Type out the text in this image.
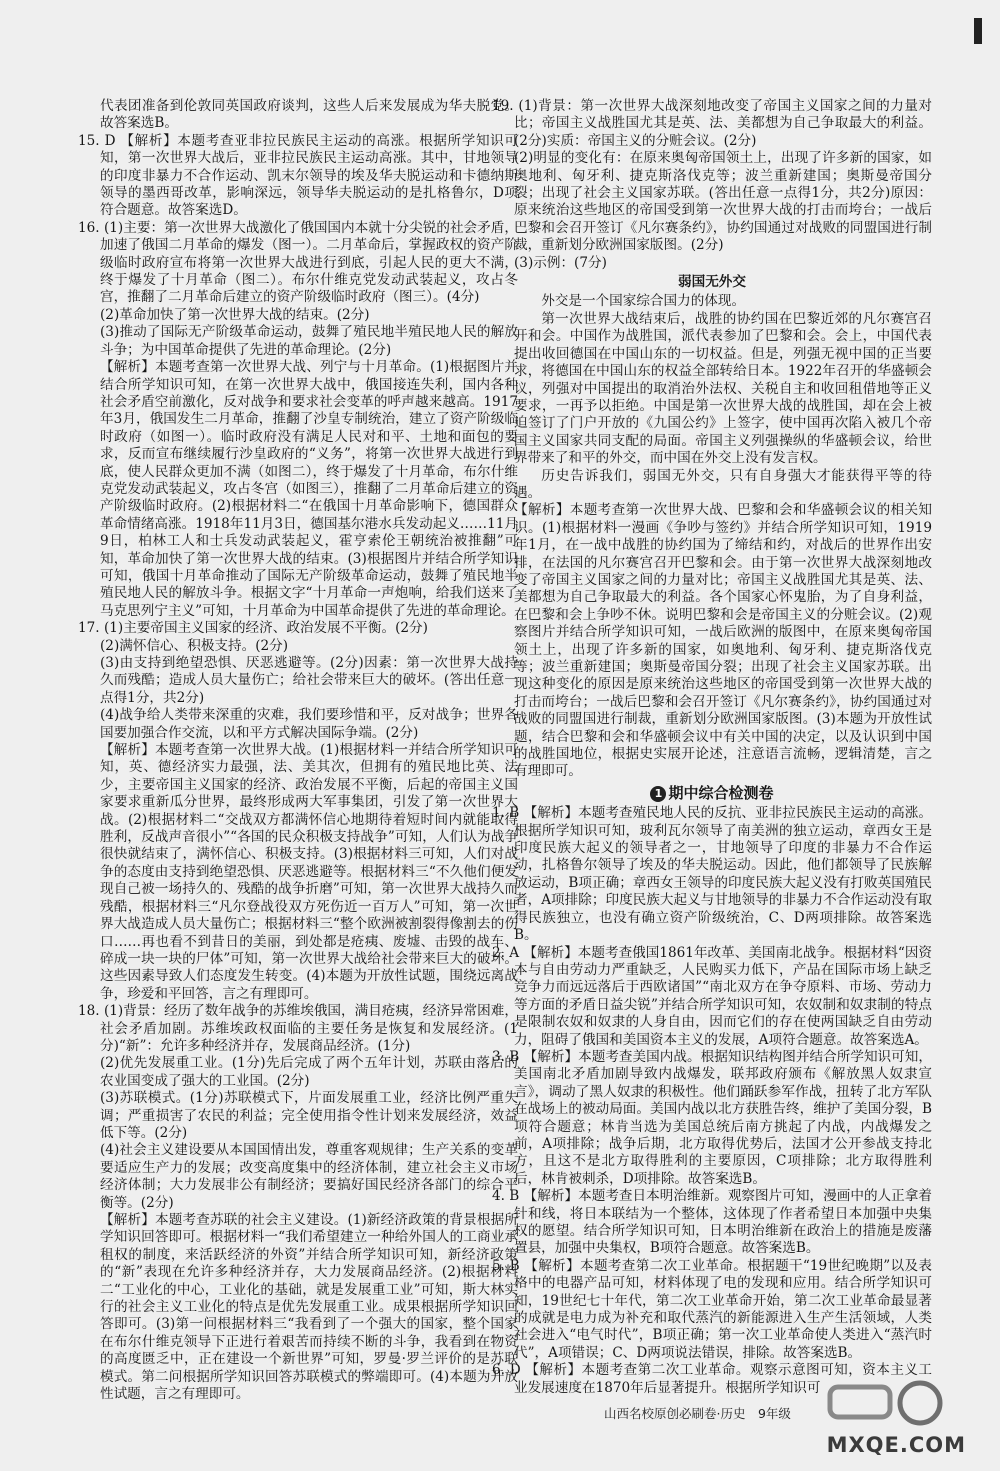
代表团准备到伦敦同英国政府谈判，这些人后来发展成为华夫脱党。故答案选B。

15. D 【解析】本题考查亚非拉民族民主运动的高涨。根据所学知识可知，第一次世界大战后，亚非拉民族民主运动高涨。其中，甘地领导的印度非暴力不合作运动、凯末尔领导的埃及华夫脱运动和卡德纳斯领导的墨西哥改革，影响深远，领导华夫脱运动的是扎格鲁尔，D项符合题意。故答案选D。

16. (1)主要：第一次世界大战激化了俄国国内本就十分尖锐的社会矛盾，加速了俄国二月革命的爆发（图一）。二月革命后，掌握政权的资产阶级临时政府宣布将第一次世界大战进行到底，引起人民的更大不满，终于爆发了十月革命（图二）。布尔什维克党发动武装起义，攻占冬宫，推翻了二月革命后建立的资产阶级临时政府（图三）。(4分)

(2)革命加快了第一次世界大战的结束。(2分)

(3)推动了国际无产阶级革命运动，鼓舞了殖民地半殖民地人民的解放斗争；为中国革命提供了先进的革命理论。(2分)

【解析】本题考查第一次世界大战、列宁与十月革命。(1)根据图片并结合所学知识可知，在第一次世界大战中，俄国接连失利，国内各种社会矛盾空前激化，反对战争和要求社会变革的呼声越来越高。1917年3月，俄国发生二月革命，推翻了沙皇专制统治，建立了资产阶级临时政府（如图一）。临时政府没有满足人民对和平、土地和面包的要求，反而宣布继续履行沙皇政府的“义务”，将第一次世界大战进行到底，使人民群众更加不满（如图二），终于爆发了十月革命，布尔什维克党发动武装起义，攻占冬宫（如图三），推翻了二月革命后建立的资产阶级临时政府。(2)根据材料二“在俄国十月革命影响下，德国群众革命情绪高涨。1918年11月3日，德国基尔港水兵发动起义……11月9日，柏林工人和士兵发动武装起义，霍亨索伦王朝统治被推翻”可知，革命加快了第一次世界大战的结束。(3)根据图片并结合所学知识可知，俄国十月革命推动了国际无产阶级革命运动，鼓舞了殖民地半殖民地人民的解放斗争。根据文字“十月革命一声炮响，给我们送来了马克思列宁主义”可知，十月革命为中国革命提供了先进的革命理论。

17. (1)主要帝国主义国家的经济、政治发展不平衡。(2分)

(2)满怀信心、积极支持。(2分)

(3)由支持到绝望恐惧、厌恶逃避等。(2分)因素：第一次世界大战持久而残酷；造成人员大量伤亡；给社会带来巨大的破坏。(答出任意一点得1分，共2分)

(4)战争给人类带来深重的灾难，我们要珍惜和平，反对战争；世界各国要加强合作交流，以和平方式解决国际争端。(2分)

【解析】本题考查第一次世界大战。(1)根据材料一并结合所学知识可知，英、德经济实力最强，法、美其次，但拥有的殖民地比英、法少，主要帝国主义国家的经济、政治发展不平衡，后起的帝国主义国家要求重新瓜分世界，最终形成两大军事集团，引发了第一次世界大战。(2)根据材料二“交战双方都满怀信心地期待着短时间内就能取得胜利，反战声音很小”“各国的民众积极支持战争”可知，人们认为战争很快就结束了，满怀信心、积极支持。(3)根据材料三可知，人们对战争的态度由支持到绝望恐惧、厌恶逃避等。根据材料三“不久他们便发现自己被一场持久的、残酷的战争折磨”可知，第一次世界大战持久而残酷，根据材料三“凡尔登战役双方死伤近一百万人”可知，第一次世界大战造成人员大量伤亡；根据材料三“整个欧洲被割裂得像割去的伤口……再也看不到昔日的美丽，到处都是疮痍、废墟、击毁的战车、碎成一块一块的尸体”可知，第一次世界大战给社会带来巨大的破坏。这些因素导致人们态度发生转变。(4)本题为开放性试题，围绕远离战争，珍爱和平回答，言之有理即可。

18. (1)背景：经历了数年战争的苏维埃俄国，满目疮痍，经济异常困难，社会矛盾加剧。苏维埃政权面临的主要任务是恢复和发展经济。(1分)“新”：允许多种经济并存，发展商品经济。(1分)

(2)优先发展重工业。(1分)先后完成了两个五年计划，苏联由落后的农业国变成了强大的工业国。(2分)

(3)苏联模式。(1分)苏联模式下，片面发展重工业，经济比例严重失调；严重损害了农民的利益；完全使用指令性计划来发展经济，效益低下等。(2分)

(4)社会主义建设要从本国国情出发，尊重客观规律；生产关系的变革要适应生产力的发展；改变高度集中的经济体制，建立社会主义市场经济体制；大力发展非公有制经济；要搞好国民经济各部门的综合平衡等。(2分)

【解析】本题考查苏联的社会主义建设。(1)新经济政策的背景根据所学知识回答即可。根据材料一“我们希望建立一种给外国人的工商业承租权的制度，来活跃经济的外资”并结合所学知识可知，新经济政策的“新”表现在允许多种经济并存，大力发展商品经济。(2)根据材料二“工业化的中心，工业化的基础，就是发展重工业”可知，斯大林实行的社会主义工业化的特点是优先发展重工业。成果根据所学知识回答即可。(3)第一问根据材料三“我看到了一个强大的国家，整个国家在布尔什维克领导下正进行着艰苦而持续不断的斗争，我看到在物资的高度匮乏中，正在建设一个新世界”可知，罗曼·罗兰评价的是苏联模式。第二问根据所学知识回答苏联模式的弊端即可。(4)本题为开放性试题，言之有理即可。

19. (1)背景：第一次世界大战深刻地改变了帝国主义国家之间的力量对比；帝国主义战胜国尤其是英、法、美都想为自己争取最大的利益。(2分)实质：帝国主义的分赃会议。(2分)

(2)明显的变化有：在原来奥匈帝国领土上，出现了许多新的国家，如奥地利、匈牙利、捷克斯洛伐克等；波兰重新建国；奥斯曼帝国分裂；出现了社会主义国家苏联。(答出任意一点得1分，共2分)原因：原来统治这些地区的帝国受到第一次世界大战的打击而垮台；一战后巴黎和会召开签订《凡尔赛条约》，协约国通过对战败的同盟国进行制裁，重新划分欧洲国家版图。(2分)

(3)示例：(7分)

弱国无外交

外交是一个国家综合国力的体现。

第一次世界大战结束后，战胜的协约国在巴黎近郊的凡尔赛宫召开和会。中国作为战胜国，派代表参加了巴黎和会。会上，中国代表提出收回德国在中国山东的一切权益。但是，列强无视中国的正当要求，将德国在中国山东的权益全部转给日本。1922年召开的华盛顿会议，列强对中国提出的取消治外法权、关税自主和收回租借地等正义要求，一再予以拒绝。中国是第一次世界大战的战胜国，却在会上被迫签订了门户开放的《九国公约》上签字，使中国再次陷入被几个帝国主义国家共同支配的局面。帝国主义列强操纵的华盛顿会议，给世界带来了和平的外交，而中国在外交上没有发言权。

历史告诉我们，弱国无外交，只有自身强大才能获得平等的待遇。

【解析】本题考查第一次世界大战、巴黎和会和华盛顿会议的相关知识。(1)根据材料一漫画《争吵与签约》并结合所学知识可知，1919年1月，在一战中战胜的协约国为了缔结和约，对战后的世界作出安排，在法国的凡尔赛宫召开巴黎和会。由于第一次世界大战深刻地改变了帝国主义国家之间的力量对比；帝国主义战胜国尤其是英、法、美都想为自己争取最大的利益。各个国家心怀鬼胎，为了自身利益，在巴黎和会上争吵不休。说明巴黎和会是帝国主义的分赃会议。(2)观察图片并结合所学知识可知，一战后欧洲的版图中，在原来奥匈帝国领土上，出现了许多新的国家，如奥地利、匈牙利、捷克斯洛伐克等；波兰重新建国；奥斯曼帝国分裂；出现了社会主义国家苏联。出现这种变化的原因是原来统治这些地区的帝国受到第一次世界大战的打击而垮台；一战后巴黎和会召开签订《凡尔赛条约》，协约国通过对战败的同盟国进行制裁，重新划分欧洲国家版图。(3)本题为开放性试题，结合巴黎和会和华盛顿会议中有关中国的决定，以及认识到中国的战胜国地位，根据史实展开论述，注意语言流畅，逻辑清楚，言之有理即可。

1 期中综合检测卷

1. B 【解析】本题考查殖民地人民的反抗、亚非拉民族民主运动的高涨。根据所学知识可知，玻利瓦尔领导了南美洲的独立运动，章西女王是印度民族大起义的领导者之一，甘地领导了印度的非暴力不合作运动，扎格鲁尔领导了埃及的华夫脱运动。因此，他们都领导了民族解放运动，B项正确；章西女王领导的印度民族大起义没有打败英国殖民者，A项排除；印度民族大起义与甘地领导的非暴力不合作运动没有取得民族独立，也没有确立资产阶级统治，C、D两项排除。故答案选B。

2. A 【解析】本题考查俄国1861年改革、美国南北战争。根据材料“因资本与自由劳动力严重缺乏，人民购买力低下，产品在国际市场上缺乏竞争力而远远落后于西欧诸国”“南北双方在争夺原料、市场、劳动力等方面的矛盾日益尖锐”并结合所学知识可知，农奴制和奴隶制的特点是限制农奴和奴隶的人身自由，因而它们的存在使两国缺乏自由劳动力，阻碍了俄国和美国资本主义的发展，A项符合题意。故答案选A。

3. B 【解析】本题考查美国内战。根据知识结构图并结合所学知识可知，美国南北矛盾加剧导致内战爆发，联邦政府颁布《解放黑人奴隶宣言》，调动了黑人奴隶的积极性。他们踊跃参军作战，扭转了北方军队在战场上的被动局面。美国内战以北方获胜告终，维护了美国分裂，B项符合题意；林肯当选为美国总统后南方挑起了内战，内战爆发之前，A项排除；战争后期，北方取得优势后，法国才公开参战支持北方，且这不是北方取得胜利的主要原因，C项排除；北方取得胜利后，林肯被刺杀，D项排除。故答案选B。

4. B 【解析】本题考查日本明治维新。观察图片可知，漫画中的人正拿着针和线，将日本联结为一个整体，这体现了作者希望日本加强中央集权的愿望。结合所学知识可知，日本明治维新在政治上的措施是废藩置县，加强中央集权，B项符合题意。故答案选B。

5. B 【解析】本题考查第二次工业革命。根据题干“19世纪晚期”以及表格中的电器产品可知，材料体现了电的发现和应用。结合所学知识可知，19世纪七十年代，第二次工业革命开始，第二次工业革命最显著的成就是电力成为补充和取代蒸汽的新能源进入生产生活领域，人类社会进入“电气时代”，B项正确；第一次工业革命使人类进入“蒸汽时代”，A项错误；C、D两项说法错误，排除。故答案选B。

6. D 【解析】本题考查第二次工业革命。观察示意图可知，资本主义工业发展速度在1870年后显著提升。根据所学知识可

山西名校原创必刷卷·历史　9年级
MXQE.COM
